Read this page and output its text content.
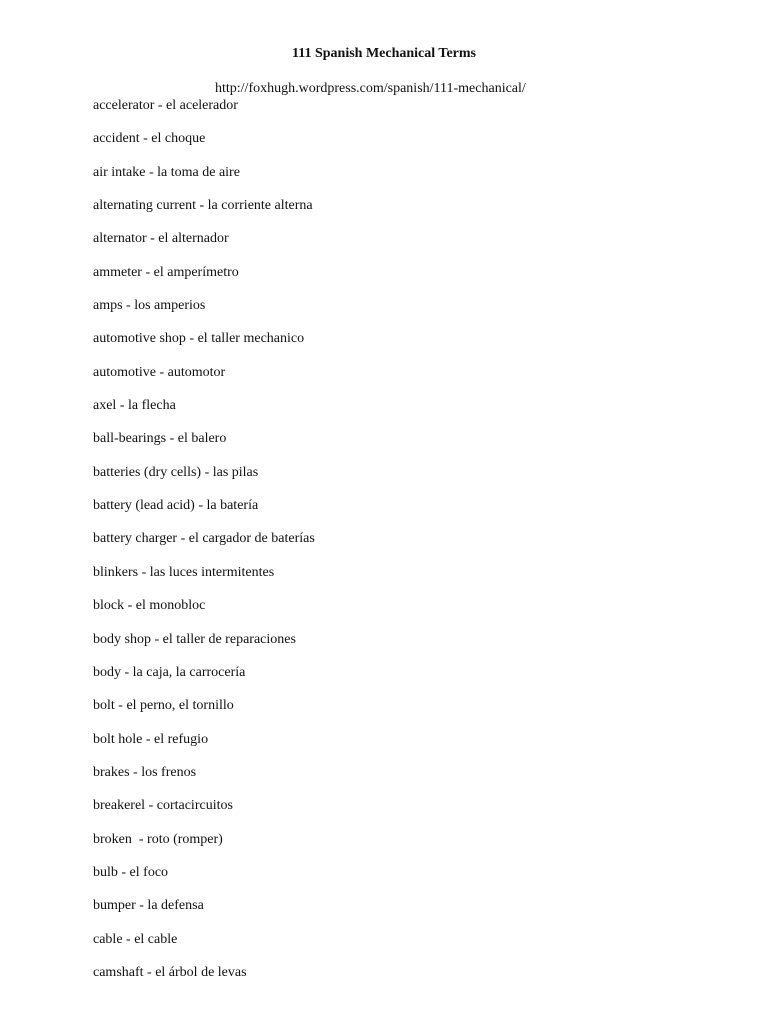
111 Spanish Mechanical Terms
http://foxhugh.wordpress.com/spanish/111-mechanical/
accelerator - el acelerador
accident - el choque
air intake - la toma de aire
alternating current - la corriente alterna
alternator - el alternador
ammeter - el amperímetro
amps - los amperios
automotive shop - el taller mechanico
automotive - automotor
axel - la flecha
ball-bearings - el balero
batteries (dry cells) - las pilas
battery (lead acid) - la batería
battery charger - el cargador de baterías
blinkers - las luces intermitentes
block - el monobloc
body shop - el taller de reparaciones
body - la caja, la carrocería
bolt - el perno, el tornillo
bolt hole - el refugio
brakes - los frenos
breakerel - cortacircuitos
broken  - roto (romper)
bulb - el foco
bumper - la defensa
cable - el cable
camshaft - el árbol de levas
